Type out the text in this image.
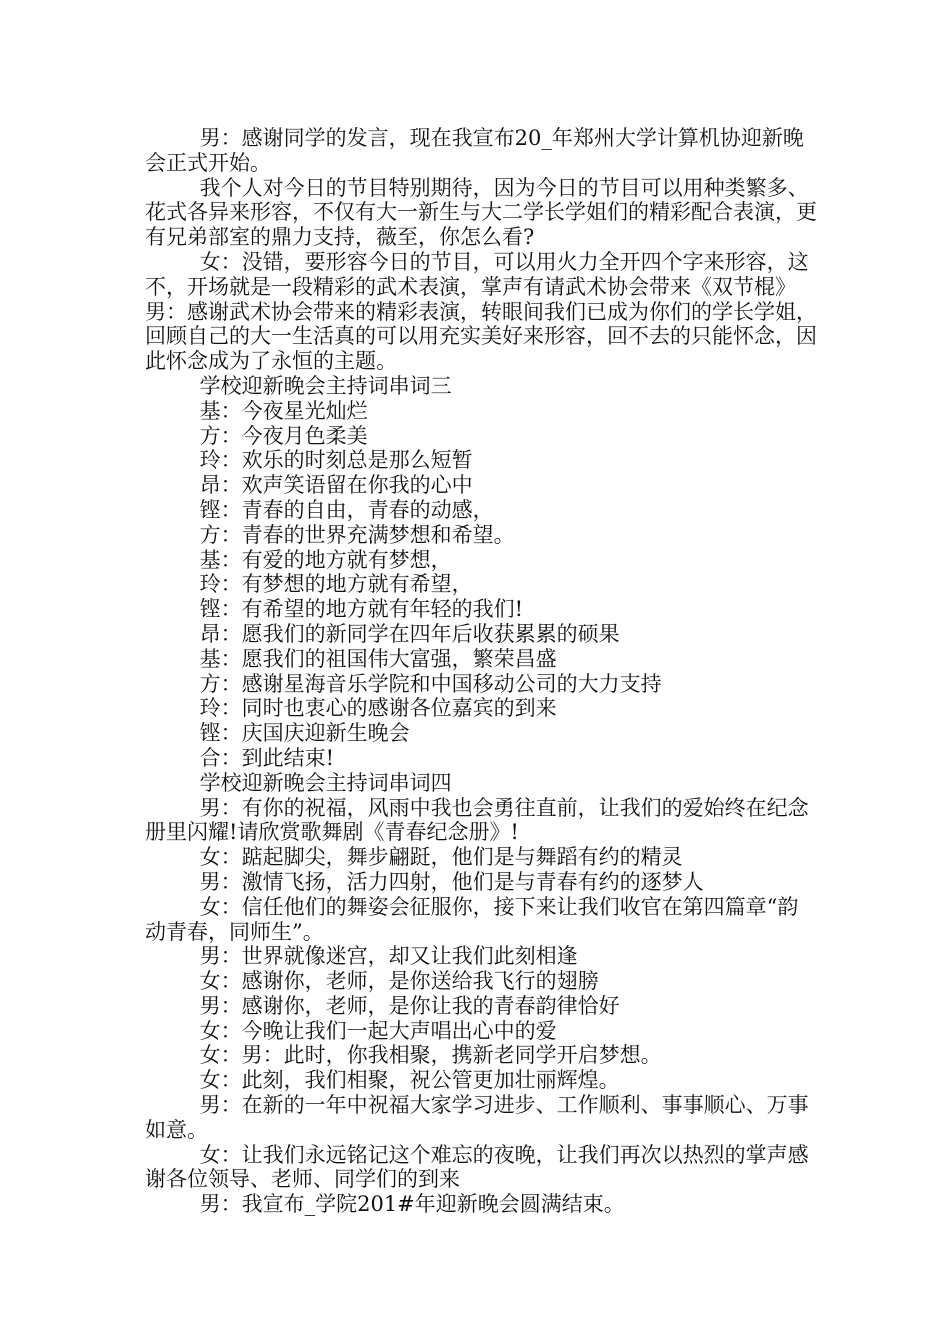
男：感谢同学的发言，现在我宣布20_年郑州大学计算机协迎新晚会正式开始。

我个人对今日的节目特别期待，因为今日的节目可以用种类繁多、花式各异来形容，不仅有大一新生与大二学长学姐们的精彩配合表演，更有兄弟部室的鼎力支持，薇至，你怎么看?

女：没错，要形容今日的节目，可以用火力全开四个字来形容，这不，开场就是一段精彩的武术表演，掌声有请武术协会带来《双节棍》男：感谢武术协会带来的精彩表演，转眼间我们已成为你们的学长学姐，回顾自己的大一生活真的可以用充实美好来形容，回不去的只能怀念，因此怀念成为了永恒的主题。

学校迎新晚会主持词串词三

基：今夜星光灿烂

方：今夜月色柔美

玲：欢乐的时刻总是那么短暂

昂：欢声笑语留在你我的心中

铿：青春的自由，青春的动感，

方：青春的世界充满梦想和希望。

基：有爱的地方就有梦想，

玲：有梦想的地方就有希望，

铿：有希望的地方就有年轻的我们!

昂：愿我们的新同学在四年后收获累累的硕果

基：愿我们的祖国伟大富强，繁荣昌盛

方：感谢星海音乐学院和中国移动公司的大力支持

玲：同时也衷心的感谢各位嘉宾的到来

铿：庆国庆迎新生晚会

合：到此结束!

学校迎新晚会主持词串词四

男：有你的祝福，风雨中我也会勇往直前，让我们的爱始终在纪念册里闪耀!请欣赏歌舞剧《青春纪念册》!

女：踮起脚尖，舞步翩跹，他们是与舞蹈有约的精灵

男：激情飞扬，活力四射，他们是与青春有约的逐梦人

女：信任他们的舞姿会征服你，接下来让我们收官在第四篇章“韵动青春，同师生”。

男：世界就像迷宫，却又让我们此刻相逢

女：感谢你，老师，是你送给我飞行的翅膀

男：感谢你，老师，是你让我的青春韵律恰好

女：今晚让我们一起大声唱出心中的爱

女：男：此时，你我相聚，携新老同学开启梦想。

女：此刻，我们相聚，祝公管更加壮丽辉煌。

男：在新的一年中祝福大家学习进步、工作顺利、事事顺心、万事如意。

女：让我们永远铭记这个难忘的夜晚，让我们再次以热烈的掌声感谢各位领导、老师、同学们的到来

男：我宣布_学院201#年迎新晚会圆满结束。
